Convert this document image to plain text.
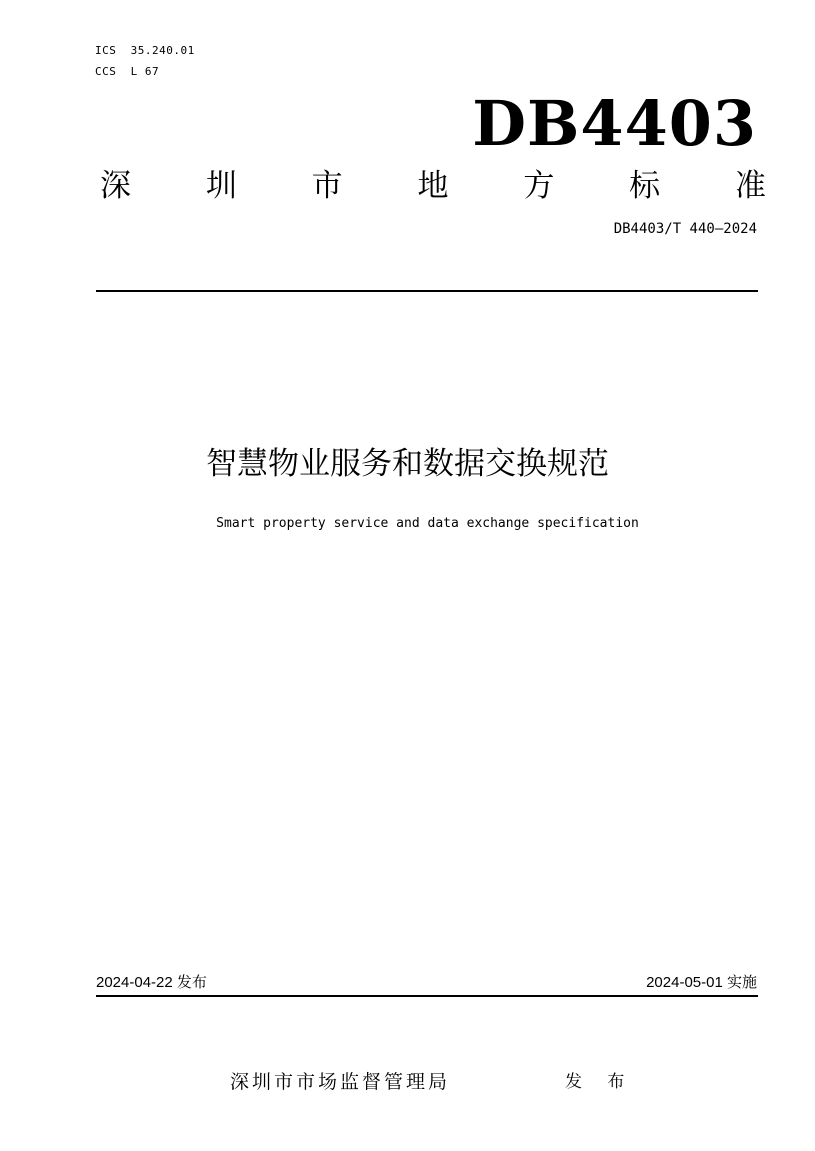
ICS  35.240.01
CCS  L 67
DB4403
深 圳 市 地 方 标 准
DB4403/T 440—2024
智慧物业服务和数据交换规范
Smart property service and data exchange specification
2024-04-22 发布	2024-05-01 实施
深圳市市场监督管理局	发 布
